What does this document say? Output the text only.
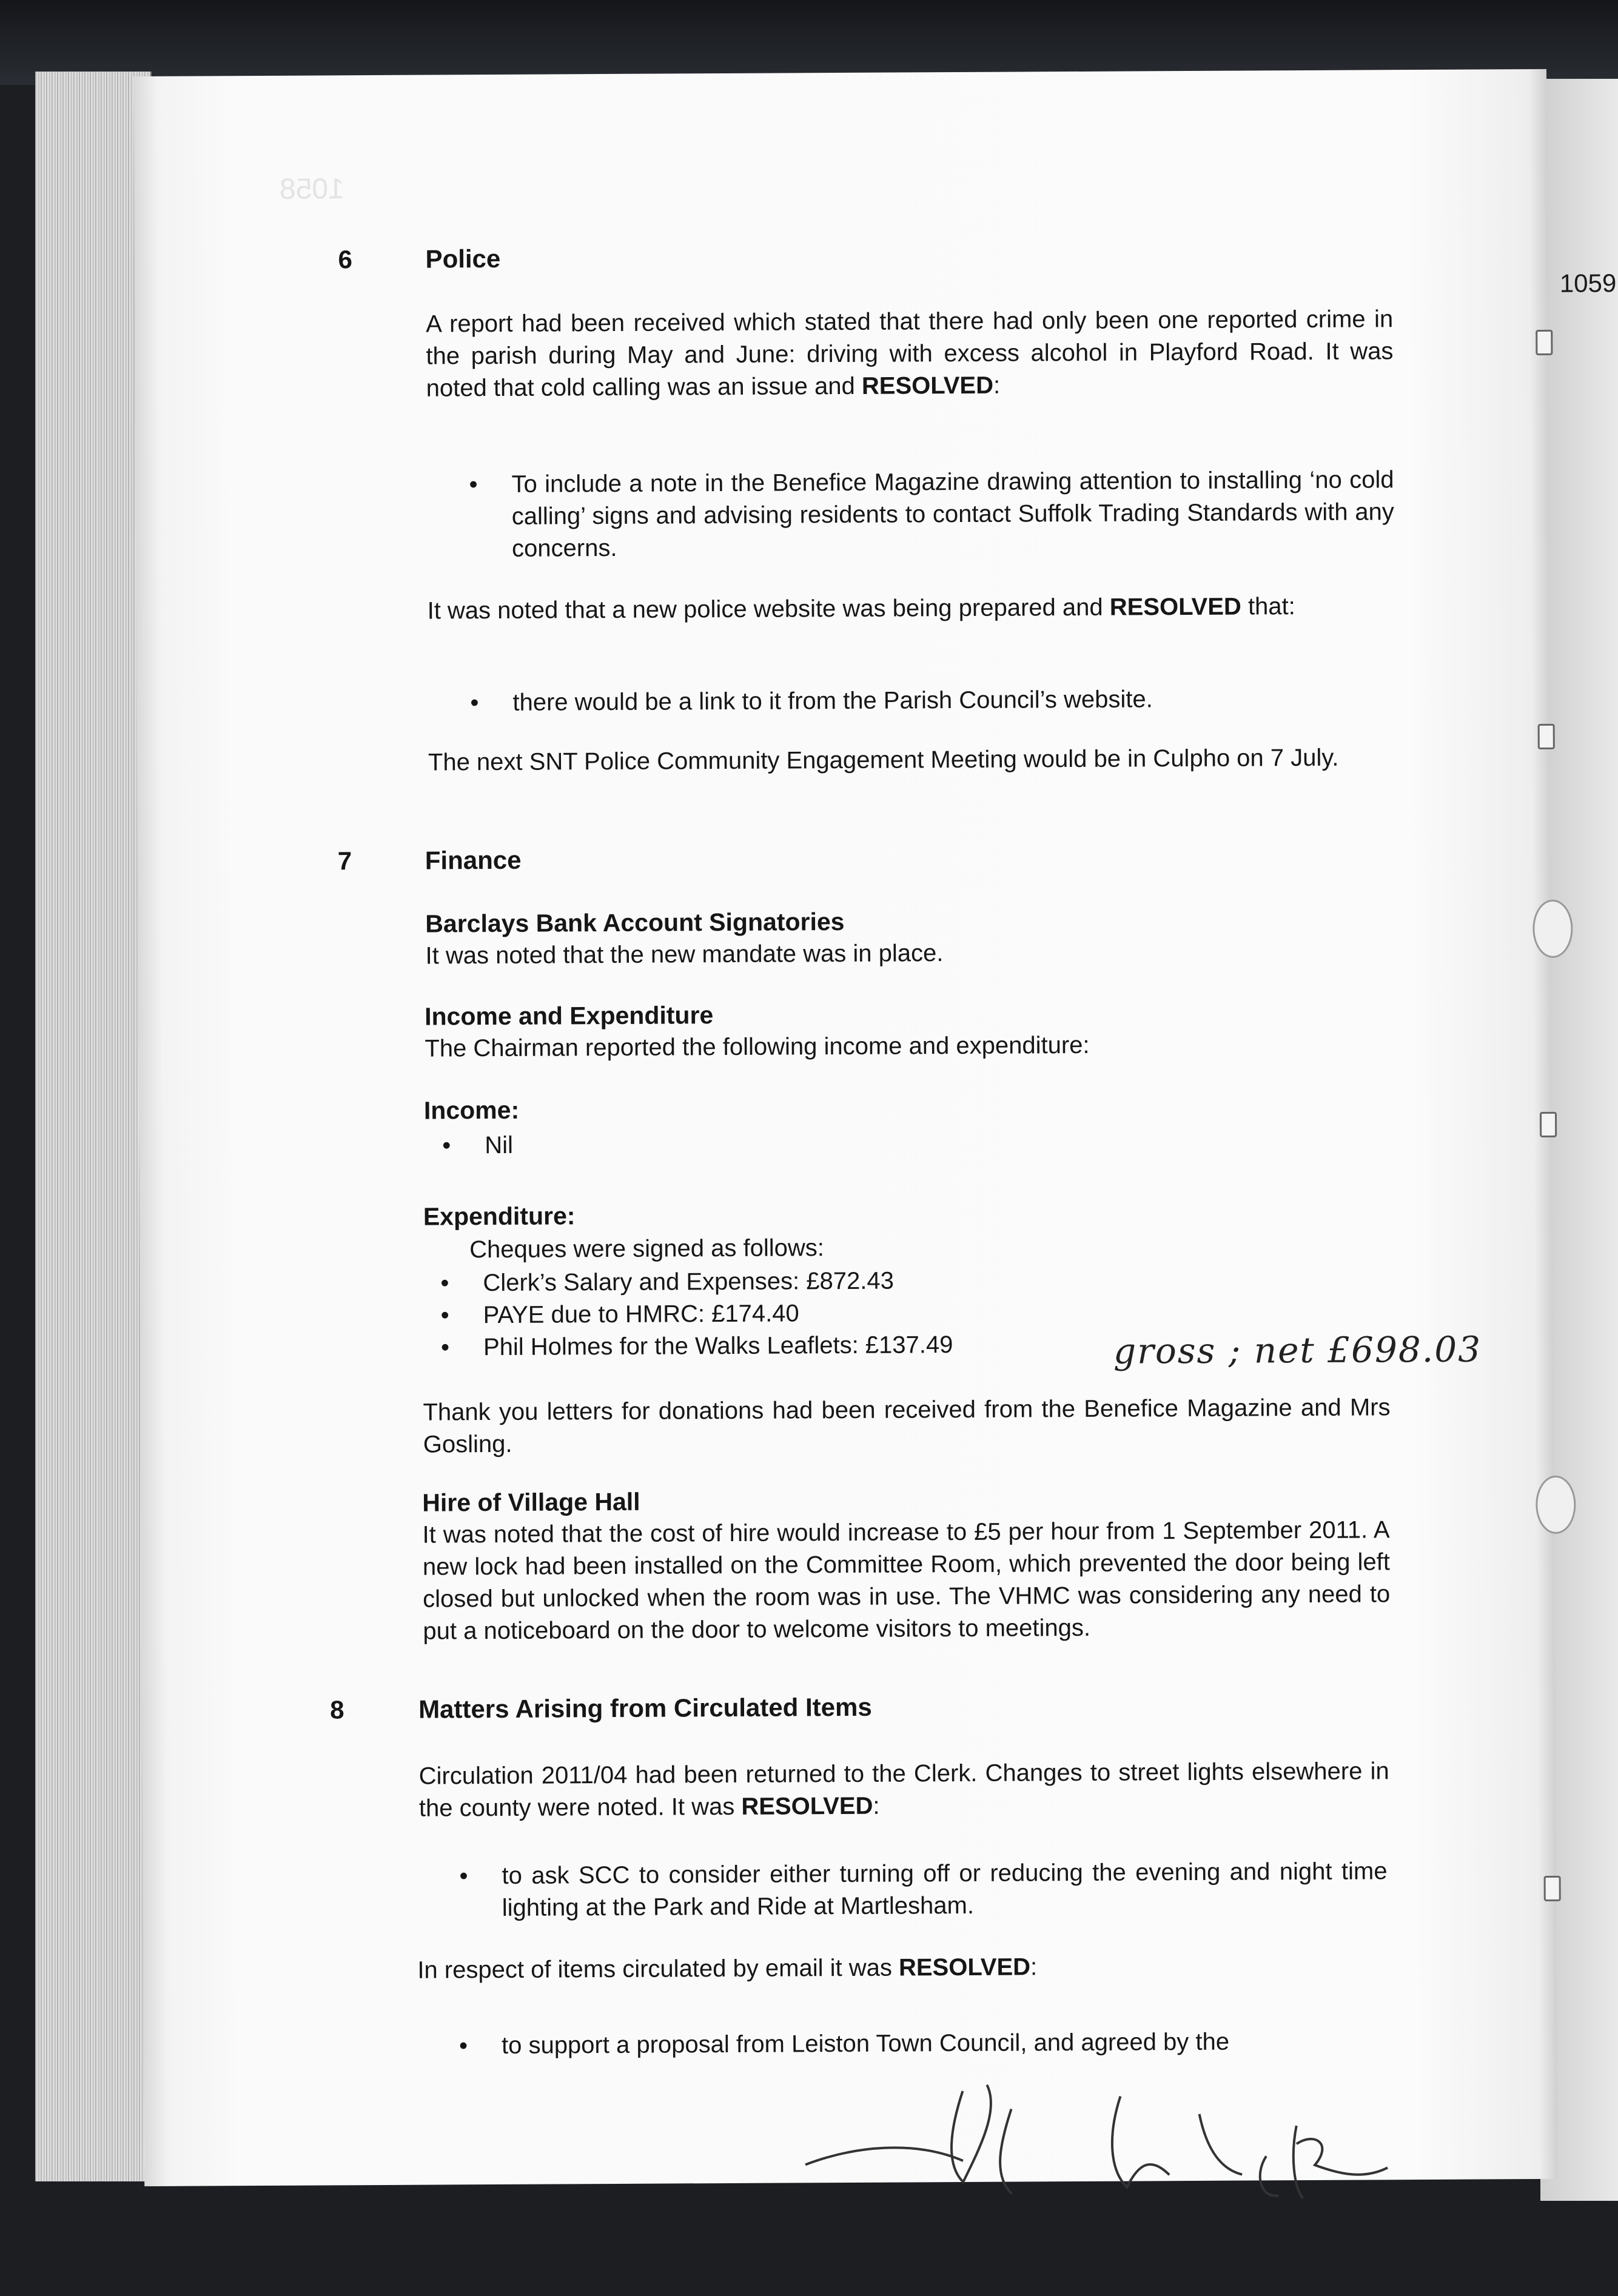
1058
1059
6	Police
A report had been received which stated that there had only been one reported crime in the parish during May and June: driving with excess alcohol in Playford Road. It was noted that cold calling was an issue and RESOLVED:
• To include a note in the Benefice Magazine drawing attention to installing ‘no cold calling’ signs and advising residents to contact Suffolk Trading Standards with any concerns.
It was noted that a new police website was being prepared and RESOLVED that:
• there would be a link to it from the Parish Council’s website.
The next SNT Police Community Engagement Meeting would be in Culpho on 7 July.
7	Finance
Barclays Bank Account Signatories
It was noted that the new mandate was in place.
Income and Expenditure
The Chairman reported the following income and expenditure:
Income:
• Nil
Expenditure:
Cheques were signed as follows:
• Clerk’s Salary and Expenses: £872.43
gross ; net £698.03
• PAYE due to HMRC: £174.40
• Phil Holmes for the Walks Leaflets: £137.49
Thank you letters for donations had been received from the Benefice Magazine and Mrs Gosling.
Hire of Village Hall
It was noted that the cost of hire would increase to £5 per hour from 1 September 2011. A new lock had been installed on the Committee Room, which prevented the door being left closed but unlocked when the room was in use. The VHMC was considering any need to put a noticeboard on the door to welcome visitors to meetings.
8	Matters Arising from Circulated Items
Circulation 2011/04 had been returned to the Clerk. Changes to street lights elsewhere in the county were noted. It was RESOLVED:
• to ask SCC to consider either turning off or reducing the evening and night time lighting at the Park and Ride at Martlesham.
In respect of items circulated by email it was RESOLVED:
• to support a proposal from Leiston Town Council, and agreed by the
